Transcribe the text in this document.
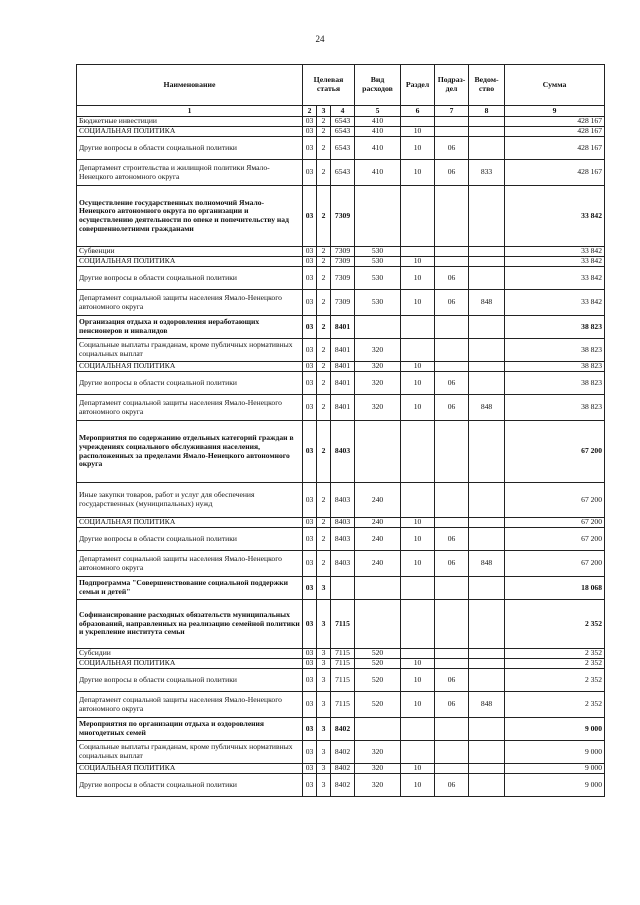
24
Наименование	Целевая статья			Вид расходов	Раздел	Подраз-дел	Ведом-ство	Сумма
1	2	3	4	5	6	7	8	9
Бюджетные инвестиции	03	2	6543	410				428 167
СОЦИАЛЬНАЯ ПОЛИТИКА	03	2	6543	410	10			428 167
Другие вопросы в области социальной политики	03	2	6543	410	10	06		428 167
Департамент строительства и жилищной политики Ямало-Ненецкого автономного округа	03	2	6543	410	10	06	833	428 167
Осуществление государственных полномочий Ямало-Ненецкого автономного округа по организации и осуществлению деятельности по опеке и попечительству над совершеннолетними гражданами	03	2	7309					33 842
Субвенции	03	2	7309	530				33 842
СОЦИАЛЬНАЯ ПОЛИТИКА	03	2	7309	530	10			33 842
Другие вопросы в области социальной политики	03	2	7309	530	10	06		33 842
Департамент социальной защиты населения Ямало-Ненецкого автономного округа	03	2	7309	530	10	06	848	33 842
Организация отдыха и оздоровления неработающих пенсионеров и инвалидов	03	2	8401					38 823
Социальные выплаты гражданам, кроме публичных нормативных социальных выплат	03	2	8401	320				38 823
СОЦИАЛЬНАЯ ПОЛИТИКА	03	2	8401	320	10			38 823
Другие вопросы в области социальной политики	03	2	8401	320	10	06		38 823
Департамент социальной защиты населения Ямало-Ненецкого автономного округа	03	2	8401	320	10	06	848	38 823
Мероприятия по содержанию отдельных категорий граждан в учреждениях социального обслуживания населения, расположенных за пределами Ямало-Ненецкого автономного округа	03	2	8403					67 200
Иные закупки товаров, работ и услуг для обеспечения государственных (муниципальных) нужд	03	2	8403	240				67 200
СОЦИАЛЬНАЯ ПОЛИТИКА	03	2	8403	240	10			67 200
Другие вопросы в области социальной политики	03	2	8403	240	10	06		67 200
Департамент социальной защиты населения Ямало-Ненецкого автономного округа	03	2	8403	240	10	06	848	67 200
Подпрограмма "Совершенствование социальной поддержки семьи и детей"	03	3						18 068
Софинансирование расходных обязательств муниципальных образований, направленных на реализацию семейной политики и укрепление института семьи	03	3	7115					2 352
Субсидии	03	3	7115	520				2 352
СОЦИАЛЬНАЯ ПОЛИТИКА	03	3	7115	520	10			2 352
Другие вопросы в области социальной политики	03	3	7115	520	10	06		2 352
Департамент социальной защиты населения Ямало-Ненецкого автономного округа	03	3	7115	520	10	06	848	2 352
Мероприятия по организации отдыха и оздоровления многодетных семей	03	3	8402					9 000
Социальные выплаты гражданам, кроме публичных нормативных социальных выплат	03	3	8402	320				9 000
СОЦИАЛЬНАЯ ПОЛИТИКА	03	3	8402	320	10			9 000
Другие вопросы в области социальной политики	03	3	8402	320	10	06		9 000
